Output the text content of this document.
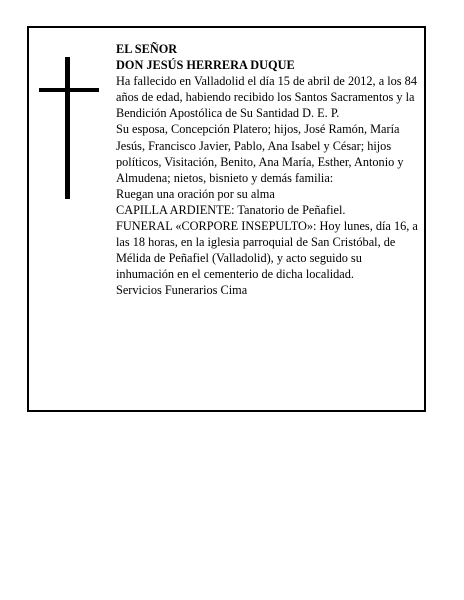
EL SEÑOR

DON JESÚS HERRERA DUQUE

Ha fallecido en Valladolid el día 15 de abril de 2012, a los 84 años de edad, habiendo recibido los Santos Sacramentos y la Bendición Apostólica de Su Santidad D. E. P.

Su esposa, Concepción Platero; hijos, José Ramón, María Jesús, Francisco Javier, Pablo, Ana Isabel y César; hijos políticos, Visitación, Benito, Ana María, Esther, Antonio y Almudena; nietos, bisnieto y demás familia:

Ruegan una oración por su alma

CAPILLA ARDIENTE: Tanatorio de Peñafiel.

FUNERAL «CORPORE INSEPULTO»: Hoy lunes, día 16, a las 18 horas, en la iglesia parroquial de San Cristóbal, de Mélida de Peñafiel (Valladolid), y acto seguido su inhumación en el cementerio de dicha localidad.

Servicios Funerarios Cima
